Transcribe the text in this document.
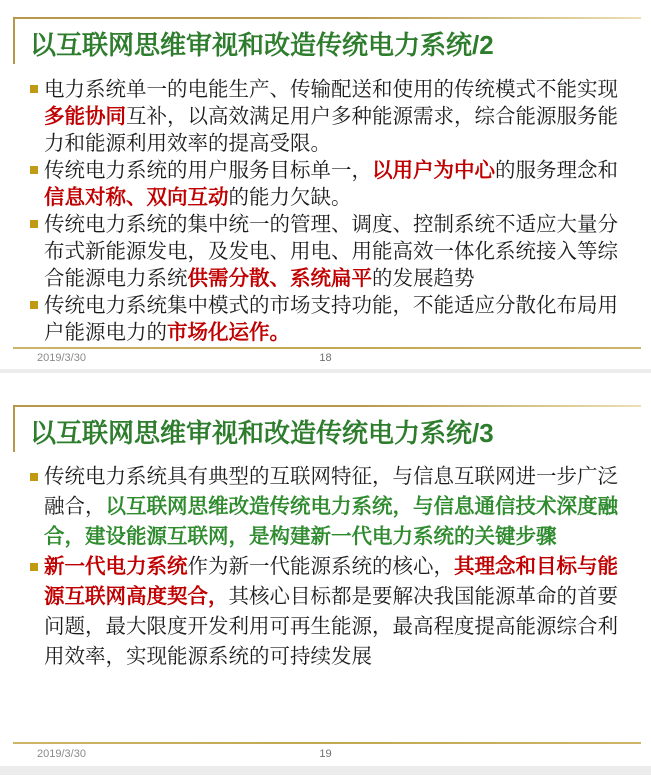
以互联网思维审视和改造传统电力系统/2
电力系统单一的电能生产、传输配送和使用的传统模式不能实现多能协同互补，以高效满足用户多种能源需求，综合能源服务能力和能源利用效率的提高受限。
传统电力系统的用户服务目标单一，以用户为中心的服务理念和信息对称、双向互动的能力欠缺。
传统电力系统的集中统一的管理、调度、控制系统不适应大量分布式新能源发电，及发电、用电、用能高效一体化系统接入等综合能源电力系统供需分散、系统扁平的发展趋势
传统电力系统集中模式的市场支持功能，不能适应分散化布局用户能源电力的市场化运作。
2019/3/30	18
以互联网思维审视和改造传统电力系统/3
传统电力系统具有典型的互联网特征，与信息互联网进一步广泛融合，以互联网思维改造传统电力系统，与信息通信技术深度融合，建设能源互联网，是构建新一代电力系统的关键步骤
新一代电力系统作为新一代能源系统的核心，其理念和目标与能源互联网高度契合，其核心目标都是要解决我国能源革命的首要问题，最大限度开发利用可再生能源，最高程度提高能源综合利用效率，实现能源系统的可持续发展
2019/3/30	19
